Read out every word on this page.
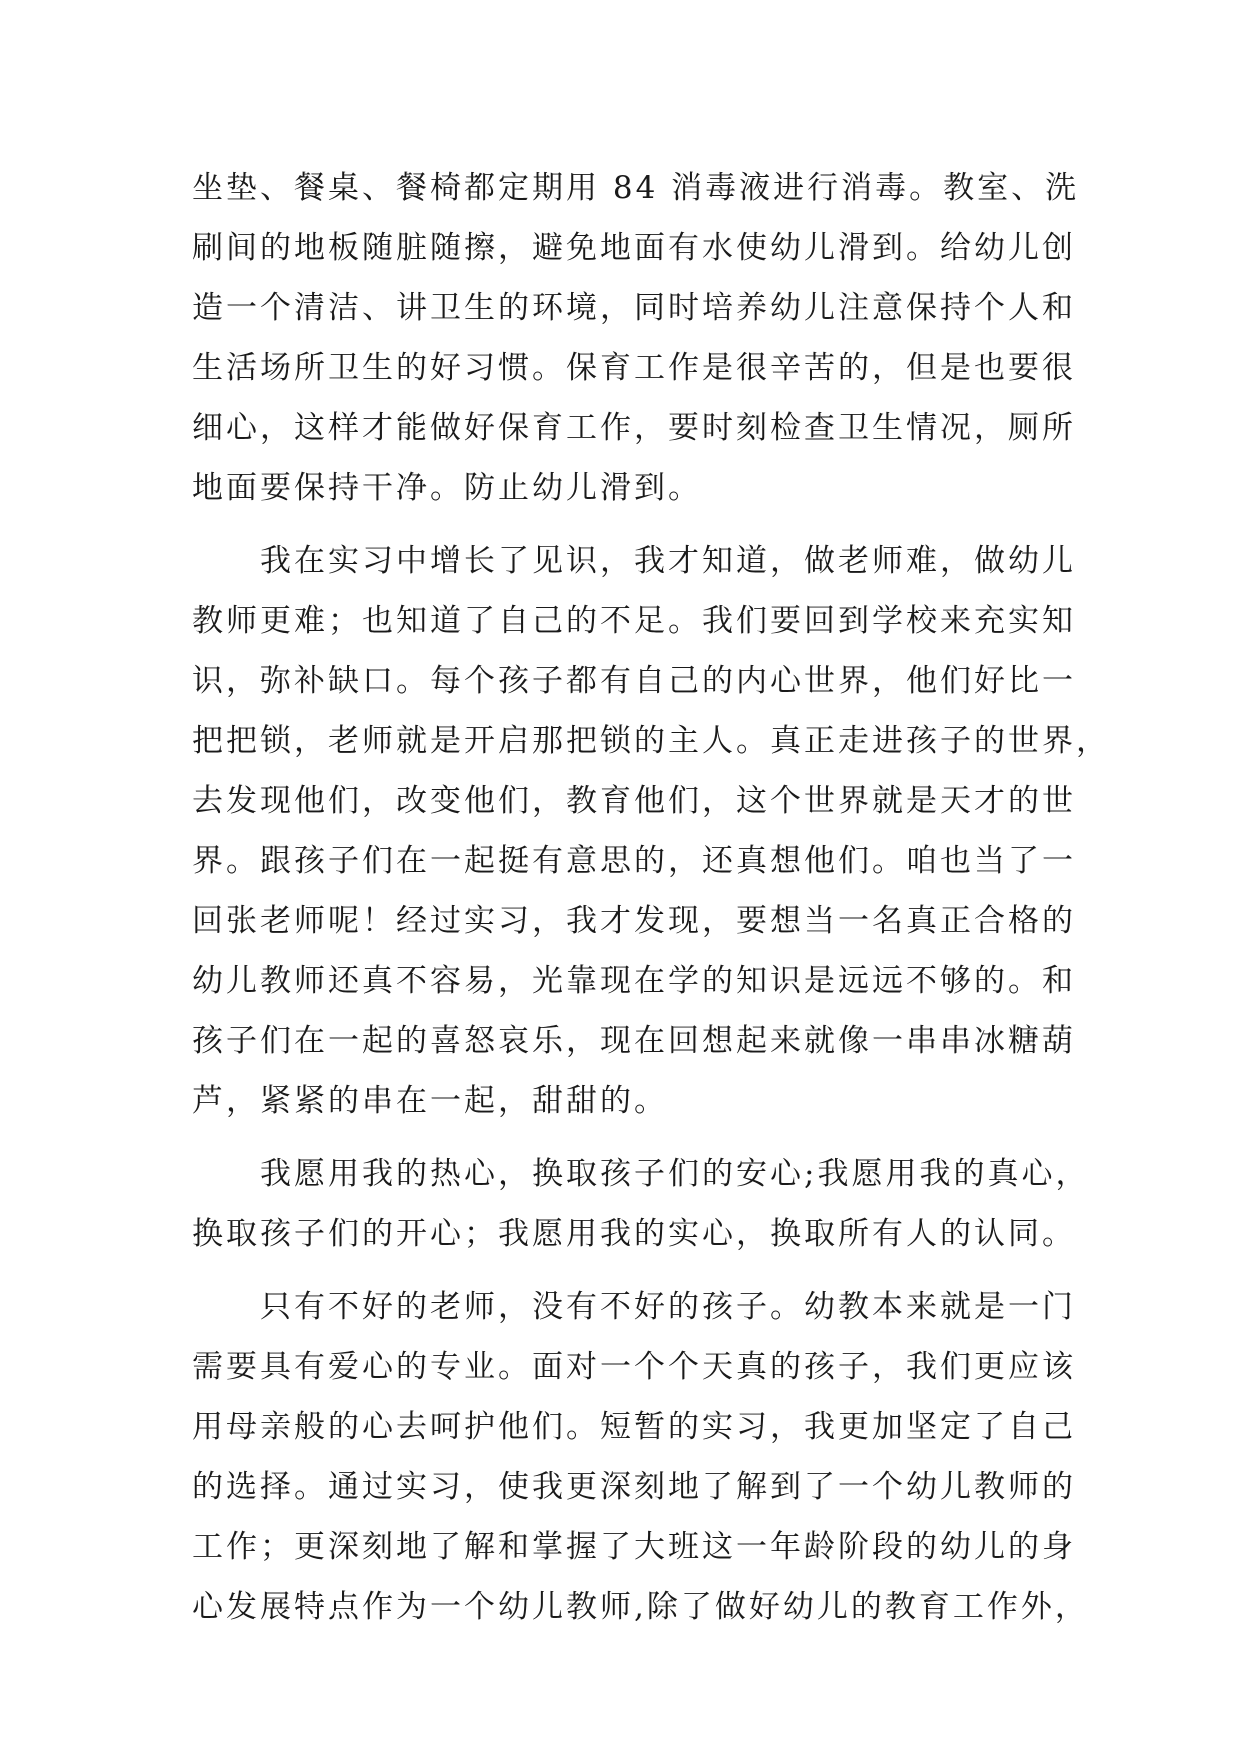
坐垫、餐桌、餐椅都定期用 84 消毒液进行消毒。教室、洗
刷间的地板随脏随擦，避免地面有水使幼儿滑到。给幼儿创
造一个清洁、讲卫生的环境，同时培养幼儿注意保持个人和
生活场所卫生的好习惯。保育工作是很辛苦的，但是也要很
细心，这样才能做好保育工作，要时刻检查卫生情况，厕所
地面要保持干净。防止幼儿滑到。
我在实习中增长了见识，我才知道，做老师难，做幼儿
教师更难；也知道了自己的不足。我们要回到学校来充实知
识，弥补缺口。每个孩子都有自己的内心世界，他们好比一
把把锁，老师就是开启那把锁的主人。真正走进孩子的世界，
去发现他们，改变他们，教育他们，这个世界就是天才的世
界。跟孩子们在一起挺有意思的，还真想他们。咱也当了一
回张老师呢！经过实习，我才发现，要想当一名真正合格的
幼儿教师还真不容易，光靠现在学的知识是远远不够的。和
孩子们在一起的喜怒哀乐，现在回想起来就像一串串冰糖葫
芦，紧紧的串在一起，甜甜的。
我愿用我的热心，换取孩子们的安心;我愿用我的真心，
换取孩子们的开心；我愿用我的实心，换取所有人的认同。
只有不好的老师，没有不好的孩子。幼教本来就是一门
需要具有爱心的专业。面对一个个天真的孩子，我们更应该
用母亲般的心去呵护他们。短暂的实习，我更加坚定了自己
的选择。通过实习，使我更深刻地了解到了一个幼儿教师的
工作；更深刻地了解和掌握了大班这一年龄阶段的幼儿的身
心发展特点作为一个幼儿教师,除了做好幼儿的教育工作外，
